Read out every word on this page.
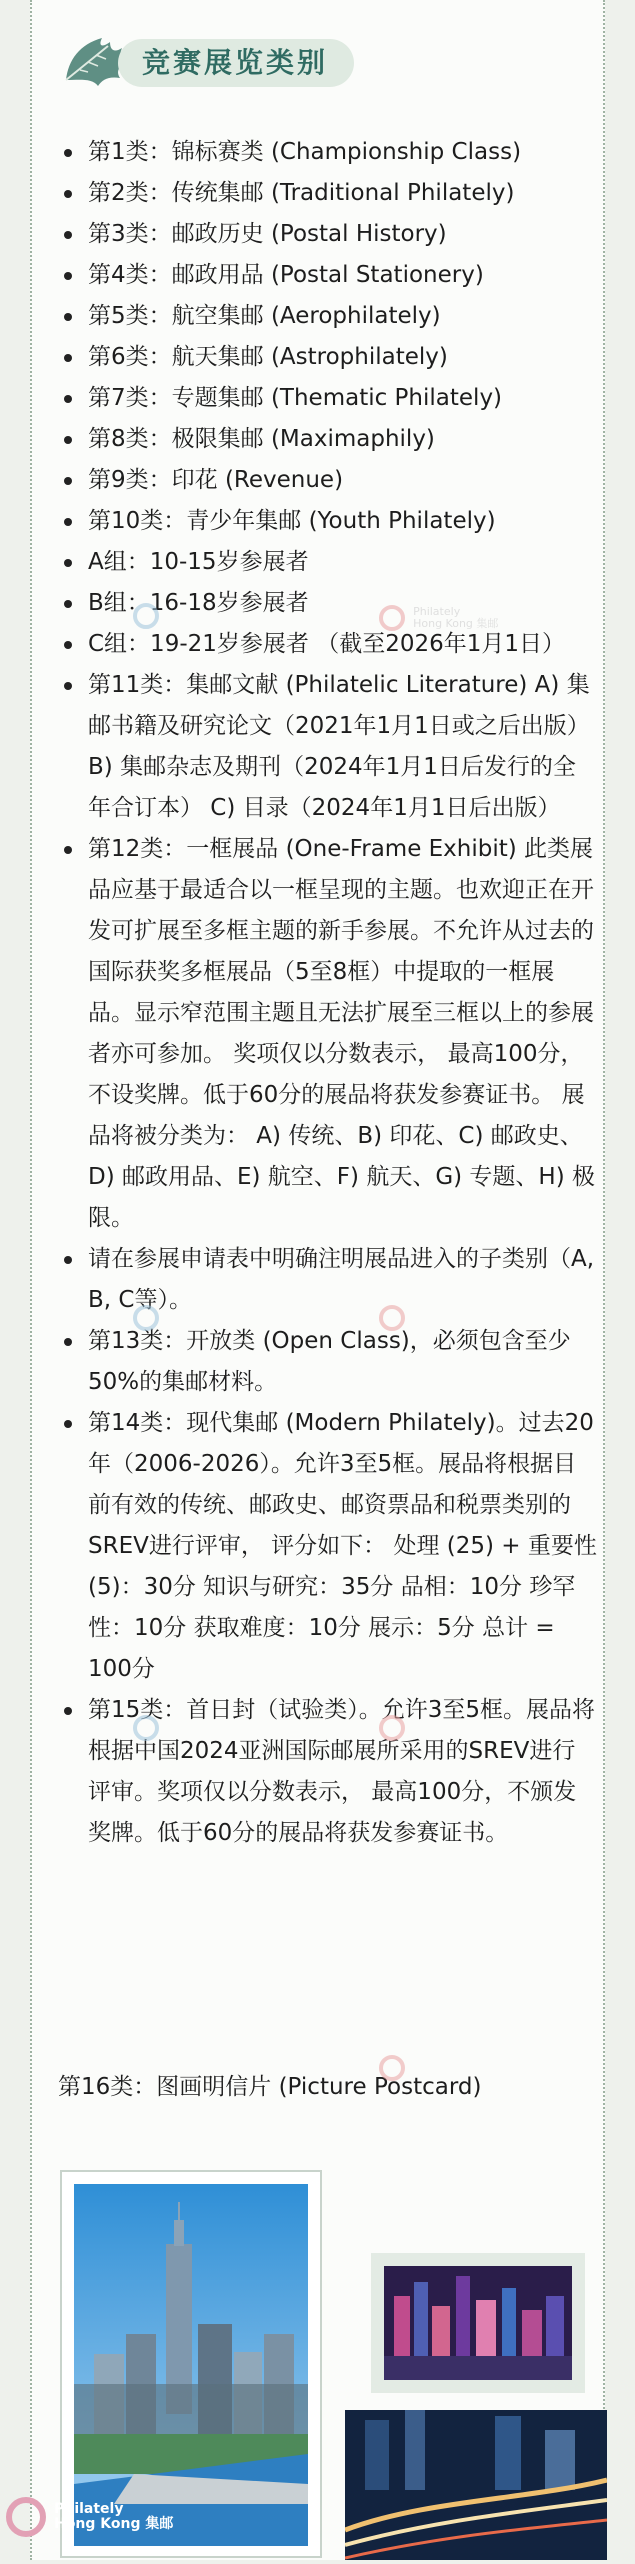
竞赛展览类别
第1类：锦标赛类 (Championship Class)
第2类：传统集邮 (Traditional Philately)
第3类：邮政历史 (Postal History)
第4类：邮政用品 (Postal Stationery)
第5类：航空集邮 (Aerophilately)
第6类：航天集邮 (Astrophilately)
第7类：专题集邮 (Thematic Philately)
第8类：极限集邮 (Maximaphily)
第9类：印花 (Revenue)
第10类：青少年集邮 (Youth Philately)
A组：10-15岁参展者
B组：16-18岁参展者
C组：19-21岁参展者 （截至2026年1月1日）
第11类：集邮文献 (Philatelic Literature) A) 集邮书籍及研究论文（2021年1月1日或之后出版） B) 集邮杂志及期刊（2024年1月1日后发行的全年合订本） C) 目录（2024年1月1日后出版）
第12类：一框展品 (One-Frame Exhibit) 此类展品应基于最适合以一框呈现的主题。也欢迎正在开发可扩展至多框主题的新手参展。不允许从过去的国际获奖多框展品（5至8框）中提取的一框展品。显示窄范围主题且无法扩展至三框以上的参展者亦可参加。 奖项仅以分数表示， 最高100分，不设奖牌。低于60分的展品将获发参赛证书。 展品将被分类为： A) 传统、B) 印花、C) 邮政史、D) 邮政用品、E) 航空、F) 航天、G) 专题、H) 极限。
请在参展申请表中明确注明展品进入的子类别（A, B, C等）。
第13类：开放类 (Open Class)，必须包含至少50%的集邮材料。
第14类：现代集邮 (Modern Philately)。过去20年（2006-2026）。允许3至5框。展品将根据目前有效的传统、邮政史、邮资票品和税票类别的SREV进行评审， 评分如下： 处理 (25) + 重要性 (5)：30分 知识与研究：35分 品相：10分 珍罕性：10分 获取难度：10分 展示：5分 总计 = 100分
第15类：首日封（试验类）。允许3至5框。展品将根据中国2024亚洲国际邮展所采用的SREV进行评审。奖项仅以分数表示， 最高100分，不颁发奖牌。低于60分的展品将获发参赛证书。
第16类：图画明信片 (Picture Postcard)
Philately
Hong Kong 集邮
Philately
Hong Kong 集邮
